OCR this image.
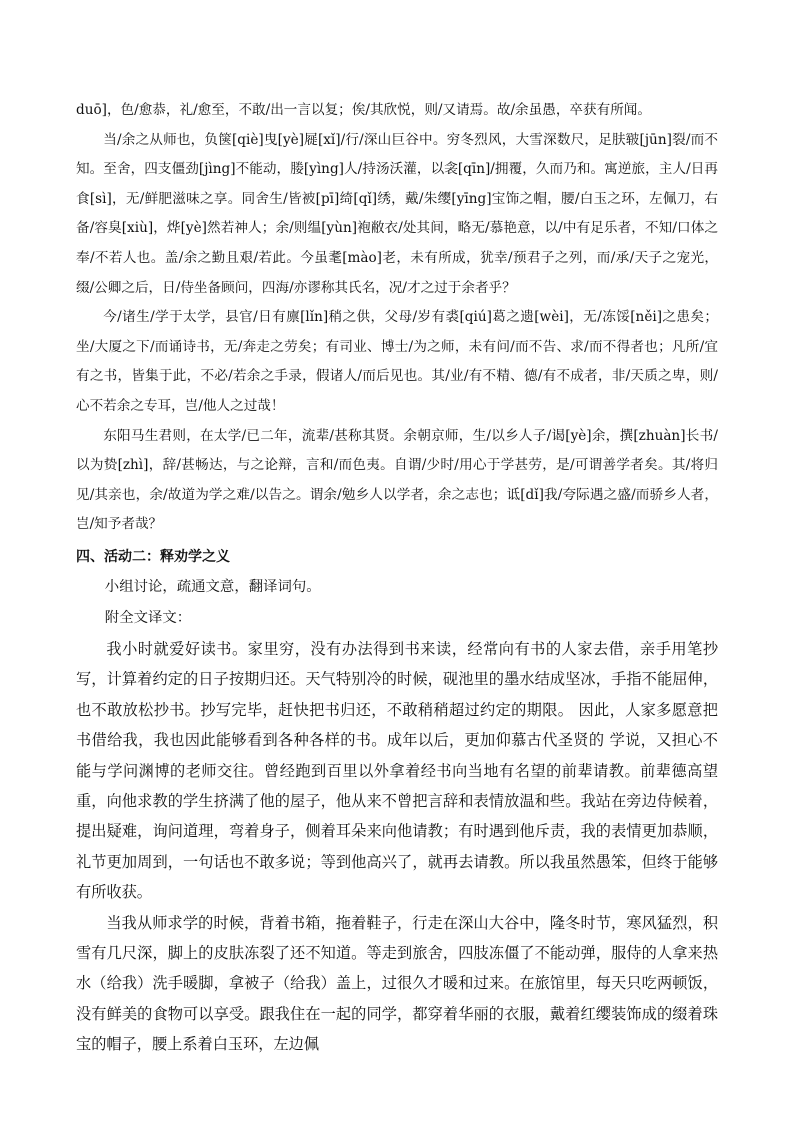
duō]，色/愈恭，礼/愈至，不敢/出一言以复；俟/其欣悦，则/又请焉。故/余虽愚，卒获有所闻。

当/余之从师也，负箧[qiè]曳[yè]屣[xǐ]/行/深山巨谷中。穷冬烈风，大雪深数尺，足肤皲[jūn]裂/而不知。至舍，四支僵劲[jìng]不能动，媵[yìng]人/持汤沃灌，以衾[qīn]/拥覆，久而乃和。寓逆旅，主人/日再食[sì]，无/鲜肥滋味之享。同舍生/皆被[pī]绮[qǐ]绣，戴/朱缨[yīng]宝饰之帽，腰/白玉之环，左佩刀，右备/容臭[xiù]，烨[yè]然若神人；余/则缊[yùn]袍敝衣/处其间，略无/慕艳意，以/中有足乐者，不知/口体之奉/不若人也。盖/余之勤且艰/若此。今虽耄[mào]老，未有所成，犹幸/预君子之列，而/承/天子之宠光，缀/公卿之后，日/侍坐备顾问，四海/亦谬称其氏名，况/才之过于余者乎？

今/诸生/学于太学，县官/日有廪[lǐn]稍之供，父母/岁有裘[qiú]葛之遗[wèi]，无/冻馁[něi]之患矣；坐/大厦之下/而诵诗书，无/奔走之劳矣；有司业、博士/为之师，未有问/而不告、求/而不得者也；凡所/宜有之书，皆集于此，不必/若余之手录，假诸人/而后见也。其/业/有不精、德/有不成者，非/天质之卑，则/心不若余之专耳，岂/他人之过哉！

东阳马生君则，在太学/已二年，流辈/甚称其贤。余朝京师，生/以乡人子/谒[yè]余，撰[zhuàn]长书/以为贽[zhì]，辞/甚畅达，与之论辩，言和/而色夷。自谓/少时/用心于学甚劳，是/可谓善学者矣。其/将归见/其亲也，余/故道为学之难/以告之。谓余/勉乡人以学者，余之志也；诋[dǐ]我/夸际遇之盛/而骄乡人者，岂/知予者哉？

四、活动二：释劝学之义

小组讨论，疏通文意，翻译词句。

附全文译文：

我小时就爱好读书。家里穷，没有办法得到书来读，经常向有书的人家去借，亲手用笔抄写，计算着约定的日子按期归还。天气特别冷的时候，砚池里的墨水结成坚冰，手指不能屈伸，也不敢放松抄书。抄写完毕，赶快把书归还，不敢稍稍超过约定的期限。 因此，人家多愿意把书借给我，我也因此能够看到各种各样的书。成年以后，更加仰慕古代圣贤的 学说，又担心不能与学问渊博的老师交往。曾经跑到百里以外拿着经书向当地有名望的前辈请教。前辈德高望重，向他求教的学生挤满了他的屋子，他从来不曾把言辞和表情放温和些。我站在旁边侍候着，提出疑难，询问道理，弯着身子，侧着耳朵来向他请教；有时遇到他斥责，我的表情更加恭顺，礼节更加周到，一句话也不敢多说；等到他高兴了，就再去请教。所以我虽然愚笨，但终于能够有所收获。

当我从师求学的时候，背着书箱，拖着鞋子，行走在深山大谷中，隆冬时节，寒风猛烈，积雪有几尺深，脚上的皮肤冻裂了还不知道。等走到旅舍，四肢冻僵了不能动弹，服侍的人拿来热水（给我）洗手暖脚，拿被子（给我）盖上，过很久才暖和过来。在旅馆里，每天只吃两顿饭，没有鲜美的食物可以享受。跟我住在一起的同学，都穿着华丽的衣服，戴着红缨装饰成的缀着珠宝的帽子，腰上系着白玉环，左边佩
